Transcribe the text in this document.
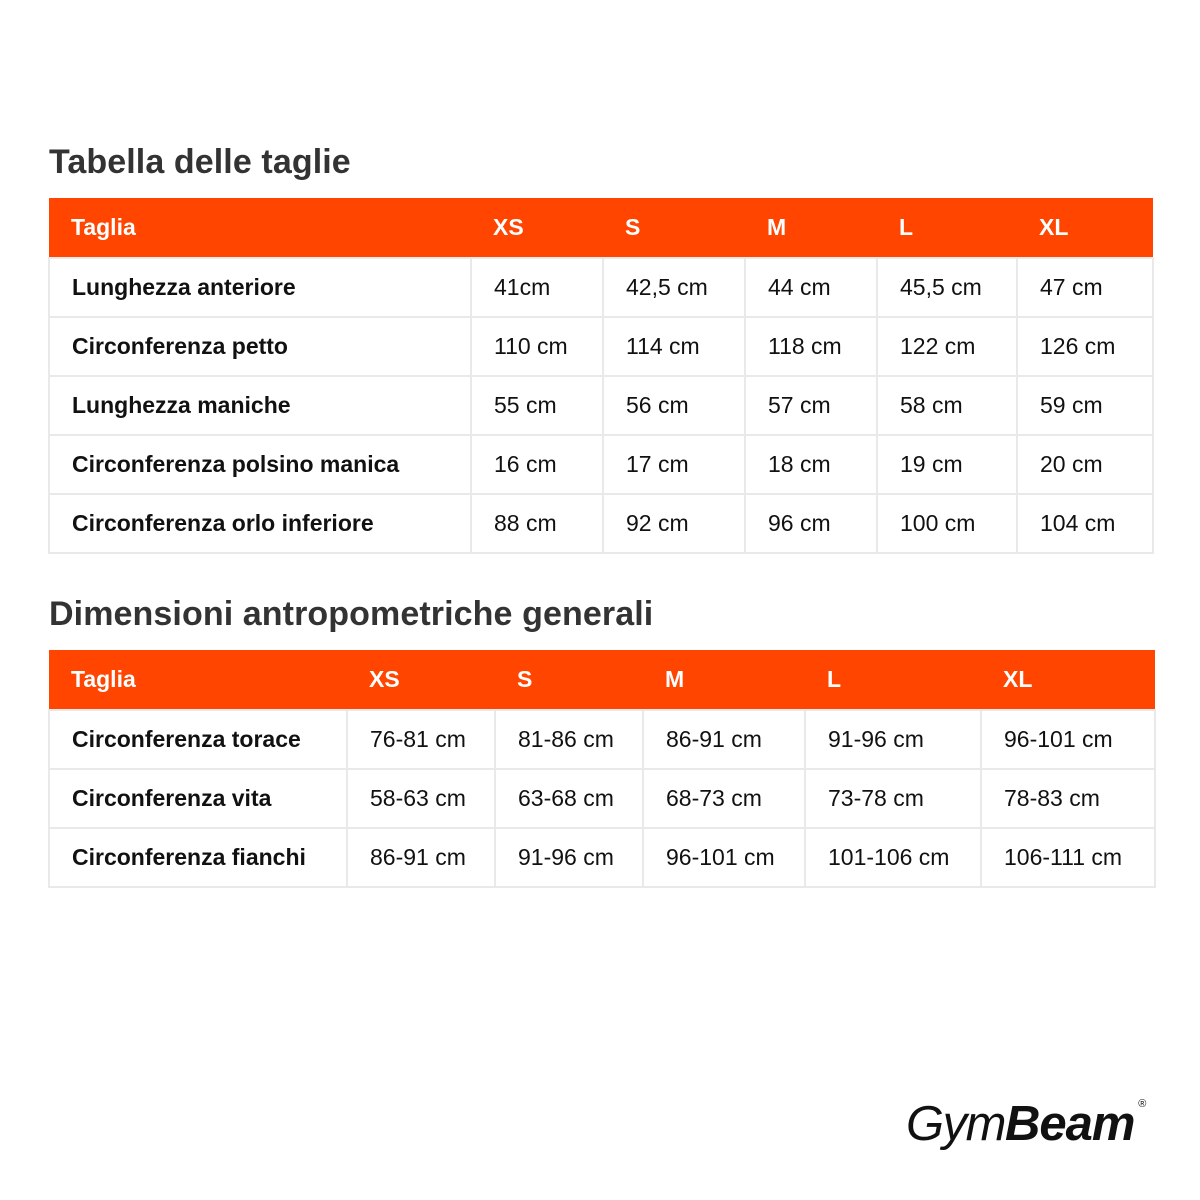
Tabella delle taglie
Taglia	XS	S	M	L	XL
Lunghezza anteriore	41cm	42,5 cm	44 cm	45,5 cm	47 cm
Circonferenza petto	110 cm	114 cm	118 cm	122 cm	126 cm
Lunghezza maniche	55 cm	56 cm	57 cm	58 cm	59 cm
Circonferenza polsino manica	16 cm	17 cm	18 cm	19 cm	20 cm
Circonferenza orlo inferiore	88 cm	92 cm	96 cm	100 cm	104 cm
Dimensioni antropometriche generali
Taglia	XS	S	M	L	XL
Circonferenza torace	76-81 cm	81-86 cm	86-91 cm	91-96 cm	96-101 cm
Circonferenza vita	58-63 cm	63-68 cm	68-73 cm	73-78 cm	78-83 cm
Circonferenza fianchi	86-91 cm	91-96 cm	96-101 cm	101-106 cm	106-111 cm
GymBeam ®
